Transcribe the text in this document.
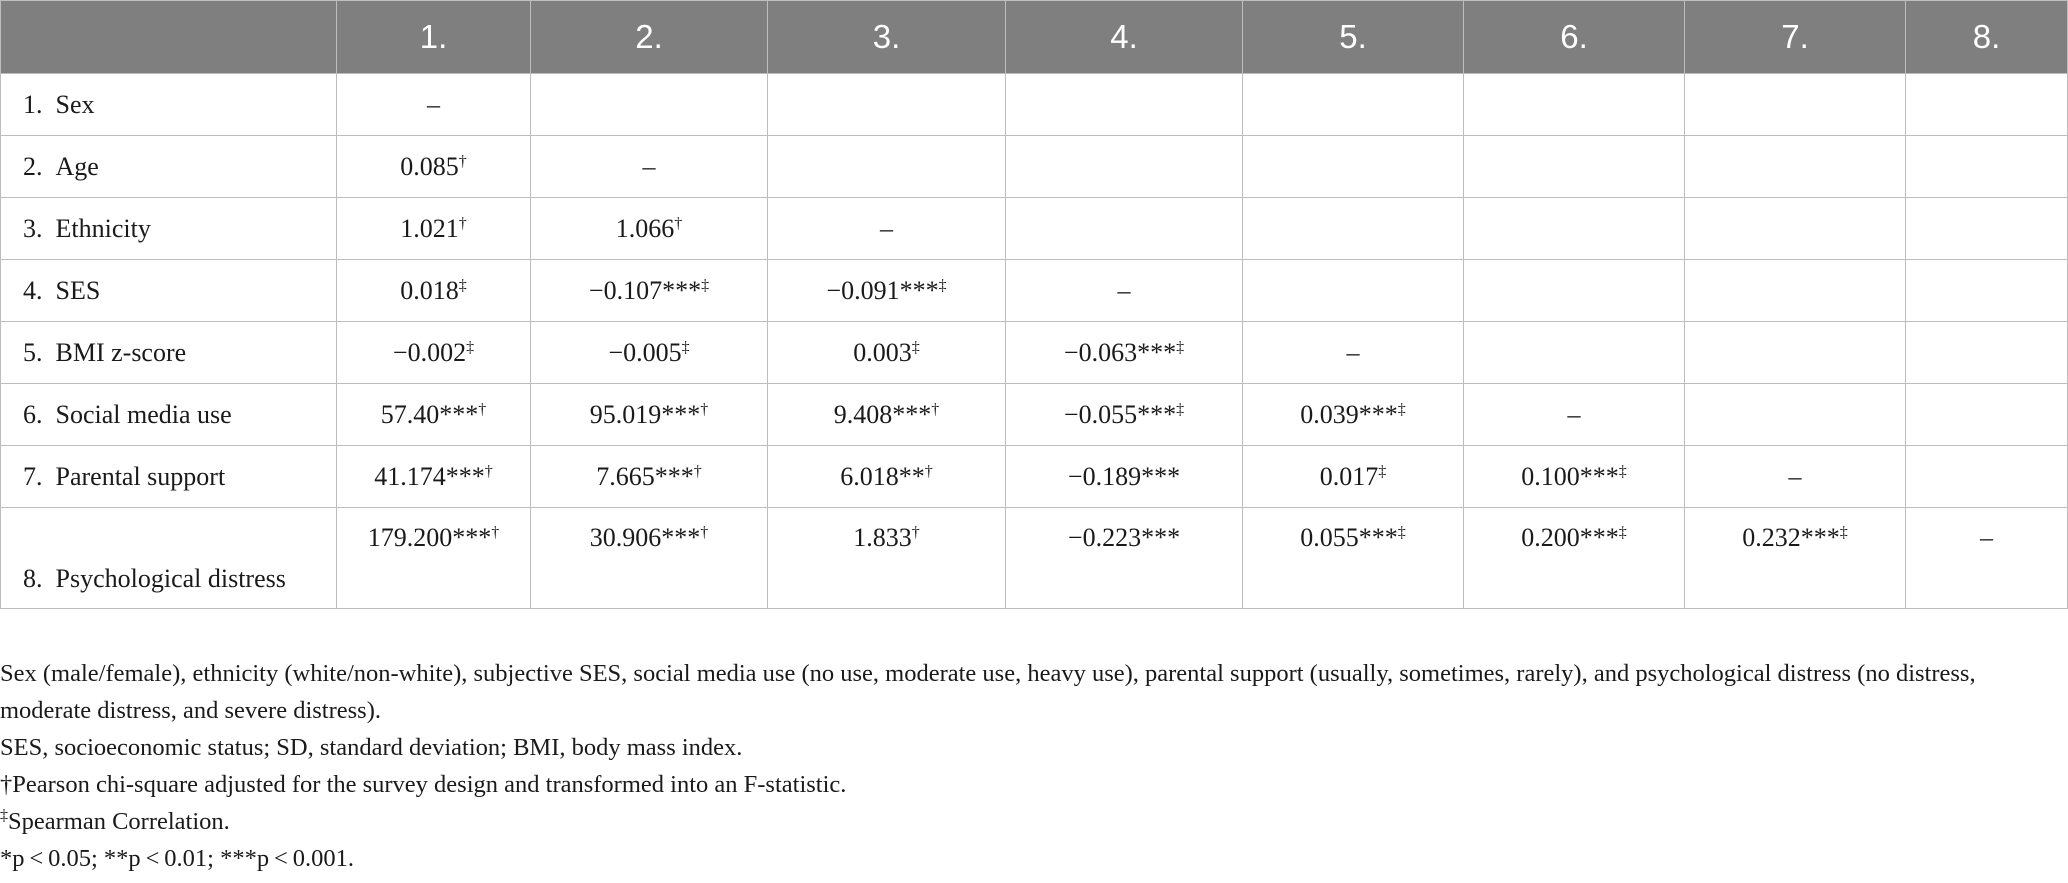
	1.	2.	3.	4.	5.	6.	7.	8.
1. Sex	–							
2. Age	0.085†	–						
3. Ethnicity	1.021†	1.066†	–					
4. SES	0.018‡	−0.107***‡	−0.091***‡	–				
5. BMI z-score	−0.002‡	−0.005‡	0.003‡	−0.063***‡	–			
6. Social media use	57.40***†	95.019***†	9.408***†	−0.055***‡	0.039***‡	–		
7. Parental support	41.174***†	7.665***†	6.018**†	−0.189***	0.017‡	0.100***‡	–	
8. Psychological distress	179.200***†	30.906***†	1.833†	−0.223***	0.055***‡	0.200***‡	0.232***‡	–

Sex (male/female), ethnicity (white/non-white), subjective SES, social media use (no use, moderate use, heavy use), parental support (usually, sometimes, rarely), and psychological distress (no distress, moderate distress, and severe distress).

SES, socioeconomic status; SD, standard deviation; BMI, body mass index.

†Pearson chi-square adjusted for the survey design and transformed into an F-statistic.

‡Spearman Correlation.

*p < 0.05; **p < 0.01; ***p < 0.001.
